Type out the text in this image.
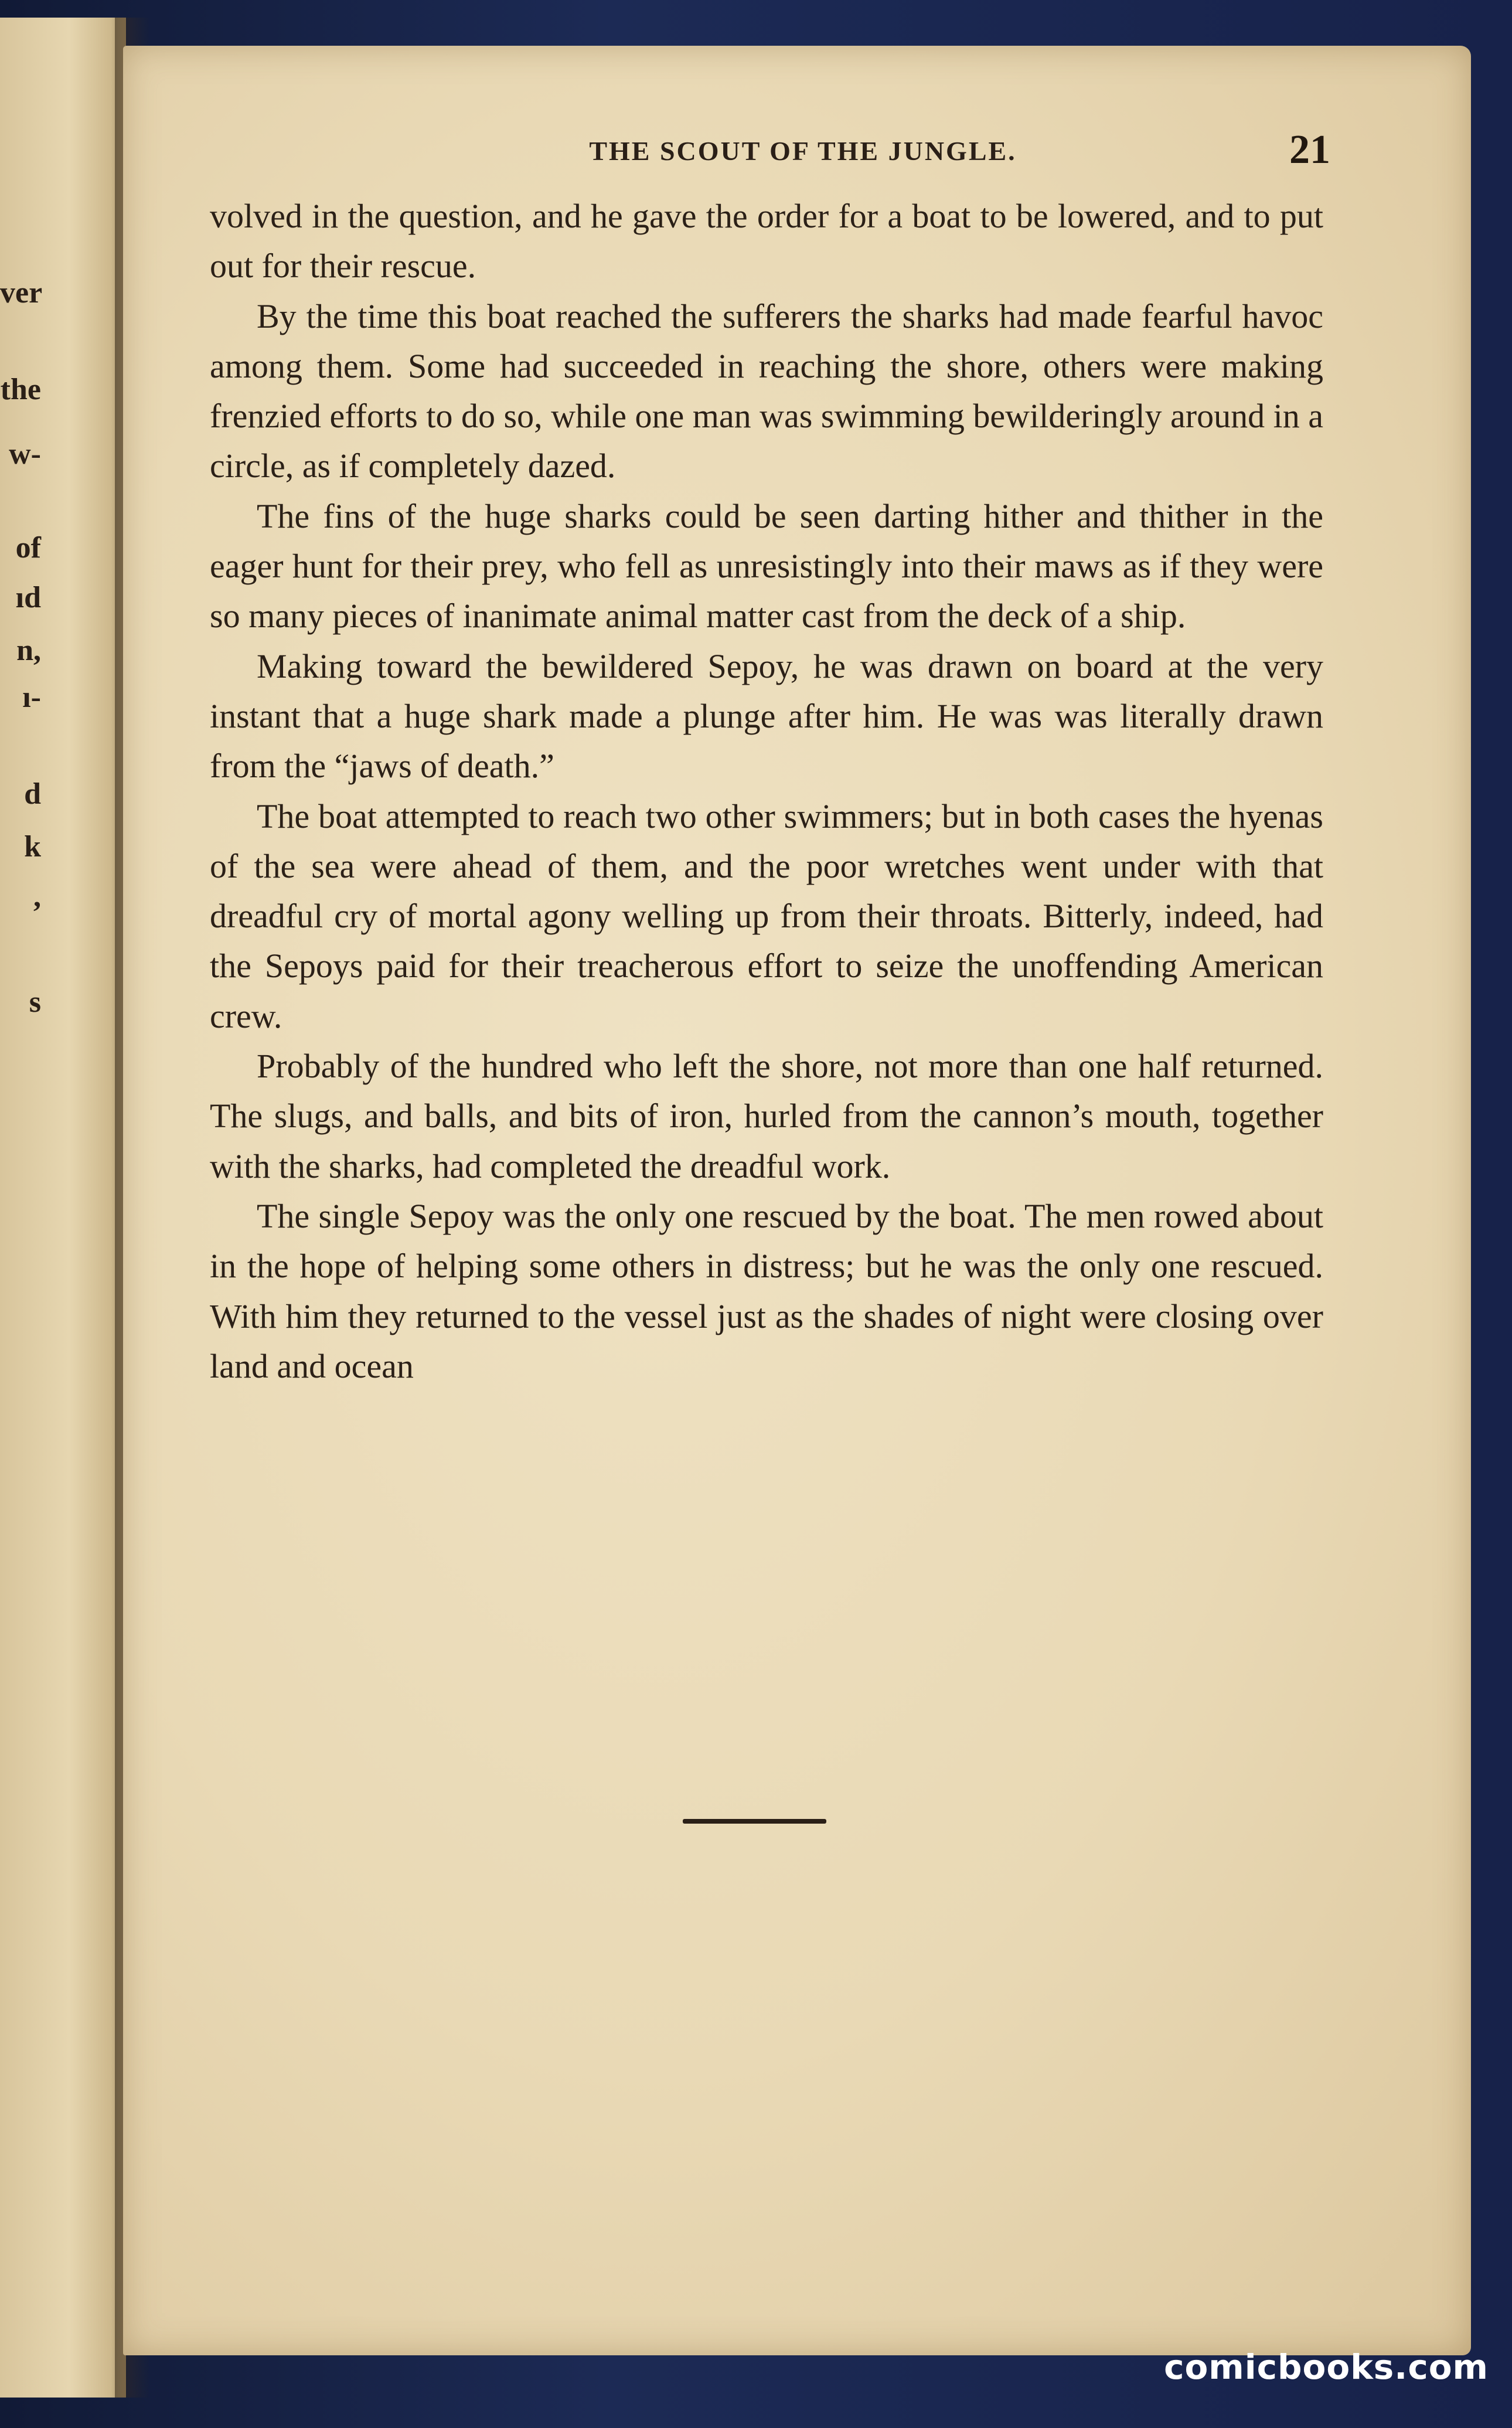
ver
the
w-
of
ıd
n,
ı-
d
k
,
s
THE SCOUT OF THE JUNGLE.	21

volved in the question, and he gave the order for a boat to be lowered, and to put out for their rescue.

By the time this boat reached the sufferers the sharks had made fearful havoc among them. Some had succeeded in reaching the shore, others were making frenzied efforts to do so, while one man was swimming bewilderingly around in a circle, as if completely dazed.

The fins of the huge sharks could be seen darting hither and thither in the eager hunt for their prey, who fell as unresistingly into their maws as if they were so many pieces of inanimate animal matter cast from the deck of a ship.

Making toward the bewildered Sepoy, he was drawn on board at the very instant that a huge shark made a plunge after him. He was was literally drawn from the “jaws of death.”

The boat attempted to reach two other swimmers; but in both cases the hyenas of the sea were ahead of them, and the poor wretches went under with that dreadful cry of mortal agony welling up from their throats. Bitterly, indeed, had the Sepoys paid for their treacherous effort to seize the unoffending American crew.

Probably of the hundred who left the shore, not more than one half returned. The slugs, and balls, and bits of iron, hurled from the cannon’s mouth, together with the sharks, had completed the dreadful work.

The single Sepoy was the only one rescued by the boat. The men rowed about in the hope of helping some others in distress; but he was the only one rescued. With him they returned to the vessel just as the shades of night were closing over land and ocean

comicbooks.com
